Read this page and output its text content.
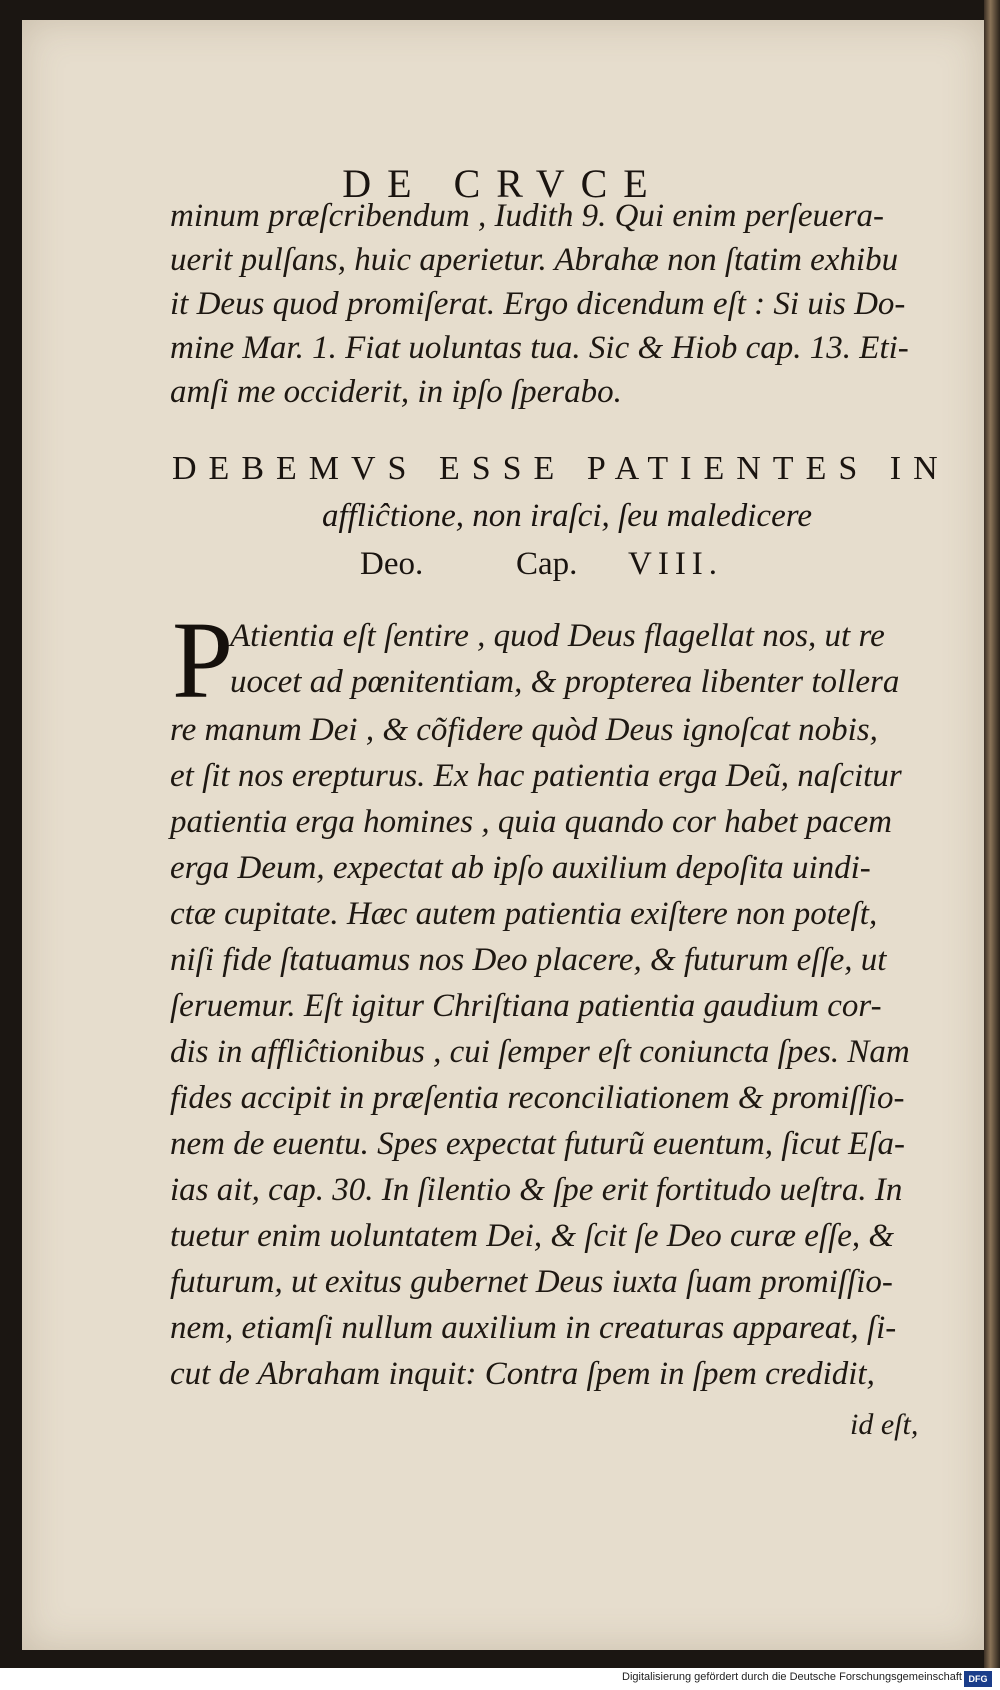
DE CRVCE
minum præſcribendum , Iudith 9. Qui enim perſeuera-
uerit pulſans, huic aperietur. Abrahæ non ſtatim exhibu
it Deus quod promiſerat. Ergo dicendum eſt : Si uis Do-
mine Mar. 1. Fiat uoluntas tua. Sic & Hiob cap. 13. Eti-
amſi me occiderit, in ipſo ſperabo.
DEBEMVS ESSE PATIENTES IN
affliĉtione, non iraſci, ſeu maledicere
Deo.	Cap. VIII.
P
Atientia eſt ſentire , quod Deus flagellat nos, ut re
uocet ad pœnitentiam, & propterea libenter tollera
re manum Dei , & cõfidere quòd Deus ignoſcat nobis,
et ſit nos erepturus. Ex hac patientia erga Deũ, naſcitur
patientia erga homines , quia quando cor habet pacem
erga Deum, expectat ab ipſo auxilium depoſita uindi-
ctæ cupitate. Hæc autem patientia exiſtere non poteſt,
niſi fide ſtatuamus nos Deo placere, & futurum eſſe, ut
ſeruemur. Eſt igitur Chriſtiana patientia gaudium cor-
dis in affliĉtionibus , cui ſemper eſt coniuncta ſpes. Nam
fides accipit in præſentia reconciliationem & promiſſio-
nem de euentu. Spes expectat futurũ euentum, ſicut Eſa-
ias ait, cap. 30. In ſilentio & ſpe erit fortitudo ueſtra. In
tuetur enim uoluntatem Dei, & ſcit ſe Deo curæ eſſe, &
futurum, ut exitus gubernet Deus iuxta ſuam promiſſio-
nem, etiamſi nullum auxilium in creaturas appareat, ſi-
cut de Abraham inquit: Contra ſpem in ſpem credidit,
id eſt,
Digitalisierung gefördert durch die Deutsche Forschungsgemeinschaft DFG
